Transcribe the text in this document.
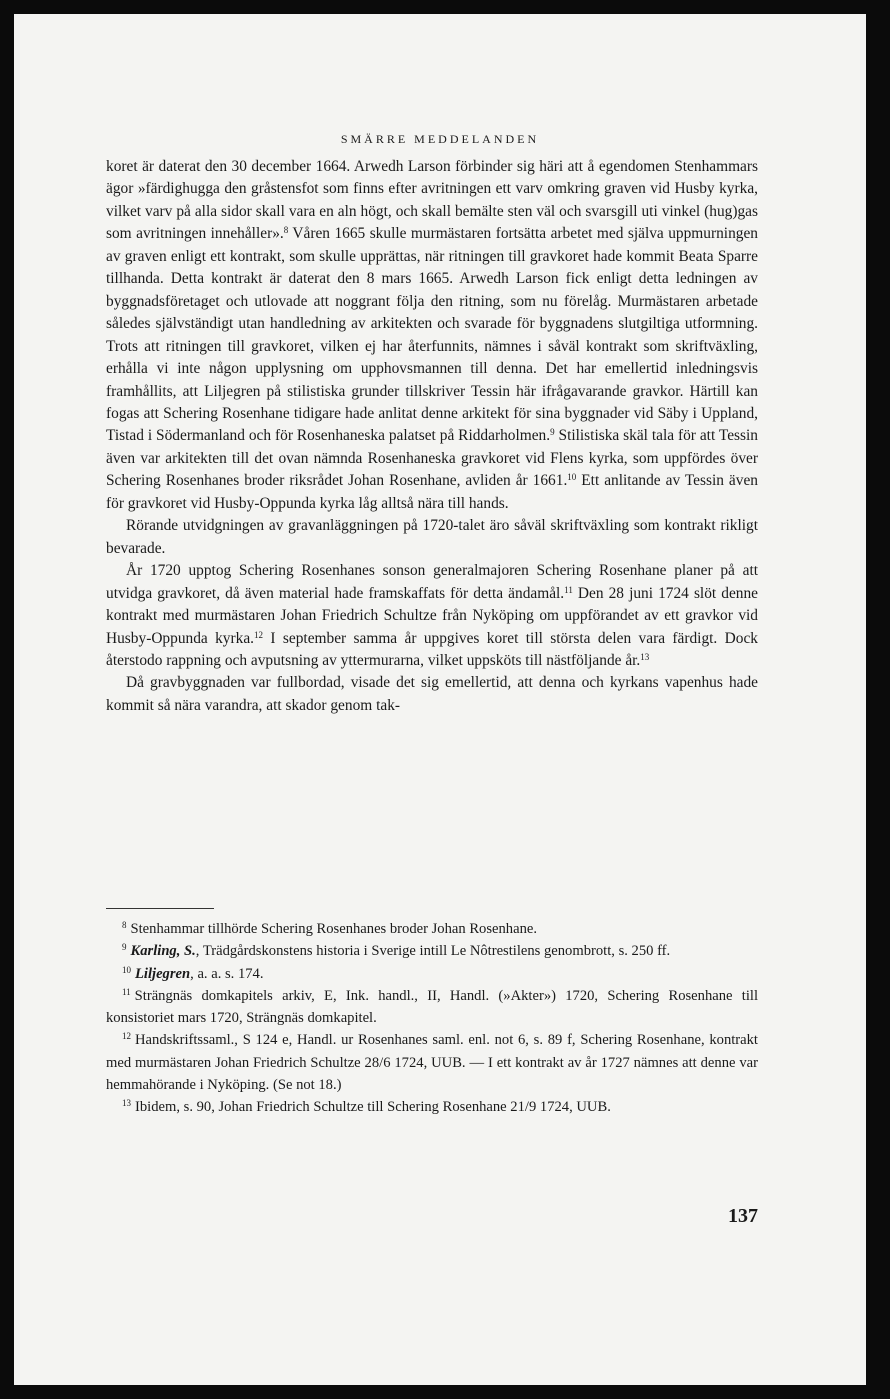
SMÄRRE MEDDELANDEN

koret är daterat den 30 december 1664. Arwedh Larson förbinder sig häri att å egendomen Stenhammars ägor »färdighugga den gråstensfot som finns efter avritningen ett varv omkring graven vid Husby kyrka, vilket varv på alla sidor skall vara en aln högt, och skall bemälte sten väl och svarsgill uti vinkel (hug)gas som avritningen innehåller».$^8$ Våren 1665 skulle murmästaren fortsätta arbetet med själva uppmurningen av graven enligt ett kontrakt, som skulle upprättas, när ritningen till gravkoret hade kommit Beata Sparre tillhanda. Detta kontrakt är daterat den 8 mars 1665. Arwedh Larson fick enligt detta ledningen av byggnadsföretaget och utlovade att noggrant följa den ritning, som nu förelåg. Murmästaren arbetade således självständigt utan handledning av arkitekten och svarade för byggnadens slutgiltiga utformning. Trots att ritningen till gravkoret, vilken ej har återfunnits, nämnes i såväl kontrakt som skriftväxling, erhålla vi inte någon upplysning om upphovsmannen till denna. Det har emellertid inledningsvis framhållits, att Liljegren på stilistiska grunder tillskriver Tessin här ifrågavarande gravkor. Härtill kan fogas att Schering Rosenhane tidigare hade anlitat denne arkitekt för sina byggnader vid Säby i Uppland, Tistad i Södermanland och för Rosenhaneska palatset på Riddarholmen.$^9$ Stilistiska skäl tala för att Tessin även var arkitekten till det ovan nämnda Rosenhaneska gravkoret vid Flens kyrka, som uppfördes över Schering Rosenhanes broder riksrådet Johan Rosenhane, avliden år 1661.10 Ett anlitande av Tessin även för gravkoret vid Husby-Oppunda kyrka låg alltså nära till hands.

Rörande utvidgningen av gravanläggningen på 1720-talet äro såväl skriftväxling som kontrakt rikligt bevarade.

År 1720 upptog Schering Rosenhanes sonson generalmajoren Schering Rosenhane planer på att utvidga gravkoret, då även material hade framskaffats för detta ändamål.$^{11}$ Den 28 juni 1724 slöt denne kontrakt med murmästaren Johan Friedrich Schultze från Nyköping om uppförandet av ett gravkor vid Husby-Oppunda kyrka.$^{12}$ I september samma år uppgives koret till största delen vara färdigt. Dock återstodo rappning och avputsning av yttermurarna, vilket uppsköts till nästföljande år.$^{13}$

Då gravbyggnaden var fullbordad, visade det sig emellertid, att denna och kyrkans vapenhus hade kommit så nära varandra, att skador genom tak-

$^8$ Stenhammar tillhörde Schering Rosenhanes broder Johan Rosenhane.

$^9$ Karling, S., Trädgårdskonstens historia i Sverige intill Le Nôtrestilens genombrott, s. 250 ff.

$^{10}$ Liljegren, a. a. s. 174.

$^{11}$ Strängnäs domkapitels arkiv, E, Ink. handl., II, Handl. (»Akter») 1720, Schering Rosenhane till konsistoriet mars 1720, Strängnäs domkapitel.

$^{12}$ Handskriftssaml., S 124 e, Handl. ur Rosenhanes saml. enl. not 6, s. 89 f, Schering Rosenhane, kontrakt med murmästaren Johan Friedrich Schultze 28/6 1724, UUB. — I ett kontrakt av år 1727 nämnes att denne var hemmahörande i Nyköping. (Se not 18.)

$^{13}$ Ibidem, s. 90, Johan Friedrich Schultze till Schering Rosenhane 21/9 1724, UUB.

137
